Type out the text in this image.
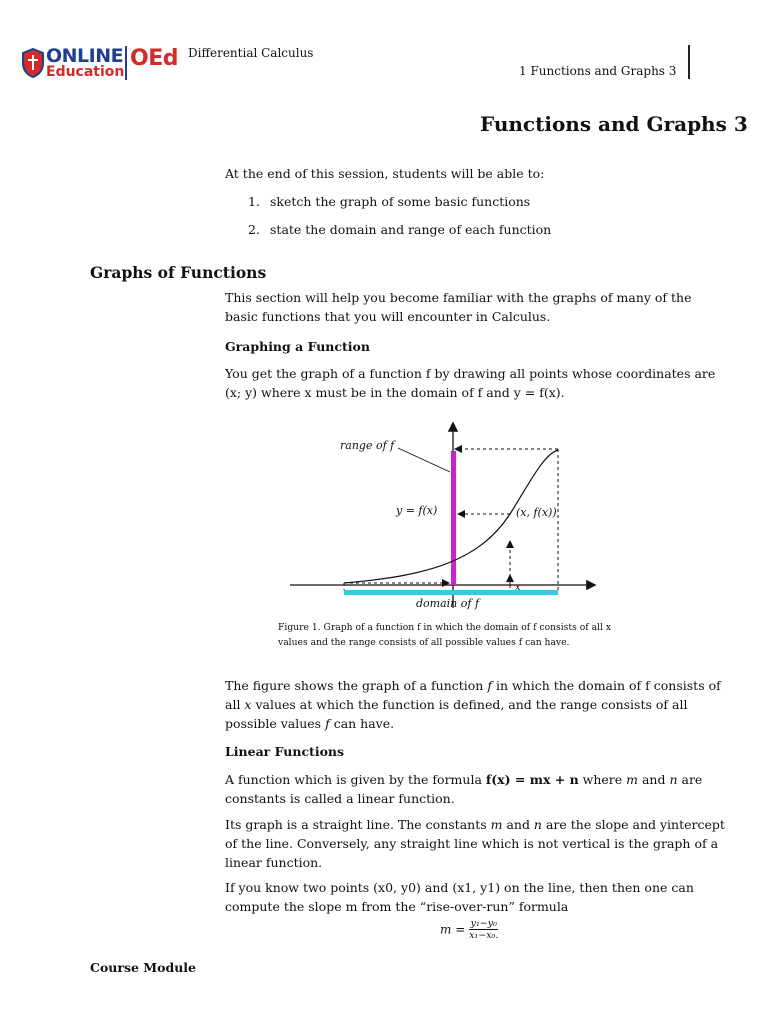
ONLINE
Education
OEd Differential Calculus
1 Functions and Graphs 3
Functions and Graphs 3
At the end of this session, students will be able to:
1. sketch the graph of some basic functions
2. state the domain and range of each function
Graphs of Functions
This section will help you become familiar with the graphs of many of the basic functions that you will encounter in Calculus.
Graphing a Function
You get the graph of a function f by drawing all points whose coordinates are (x; y) where x must be in the domain of f and y = f(x).
range of f
y = f(x)	(x, f(x))
x
domain of f
Figure 1. Graph of a function f in which the domain of f consists of all x values and the range consists of all possible values f can have.
The figure shows the graph of a function f in which the domain of f consists of all x values at which the function is defined, and the range consists of all possible values f can have.
Linear Functions
A function which is given by the formula f(x) = mx + n where m and n are constants is called a linear function.
Its graph is a straight line. The constants m and n are the slope and yintercept of the line. Conversely, any straight line which is not vertical is the graph of a linear function.
If you know two points (x0, y0) and (x1, y1) on the line, then then one can compute the slope m from the “rise-over-run” formula
$m = \frac{\text{y₁−y₀}}{\text{x₁−x₀.}}$
Course Module
